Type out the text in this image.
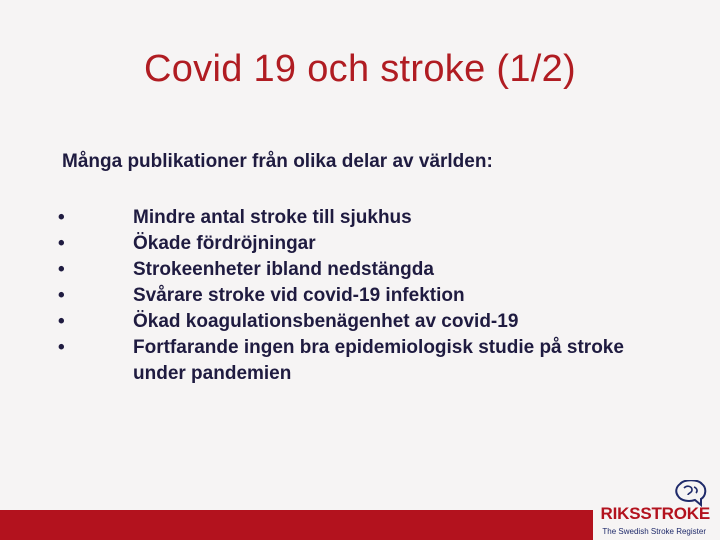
Covid 19 och stroke (1/2)
Många publikationer från olika delar av världen:
•	Mindre antal stroke till sjukhus
•	Ökade fördröjningar
•	Strokeenheter ibland nedstängda
•	Svårare stroke vid covid-19 infektion
•	Ökad koagulationsbenägenhet av covid-19
•	Fortfarande ingen bra epidemiologisk studie på stroke under pandemien
RIKSSTROKE
The Swedish Stroke Register
